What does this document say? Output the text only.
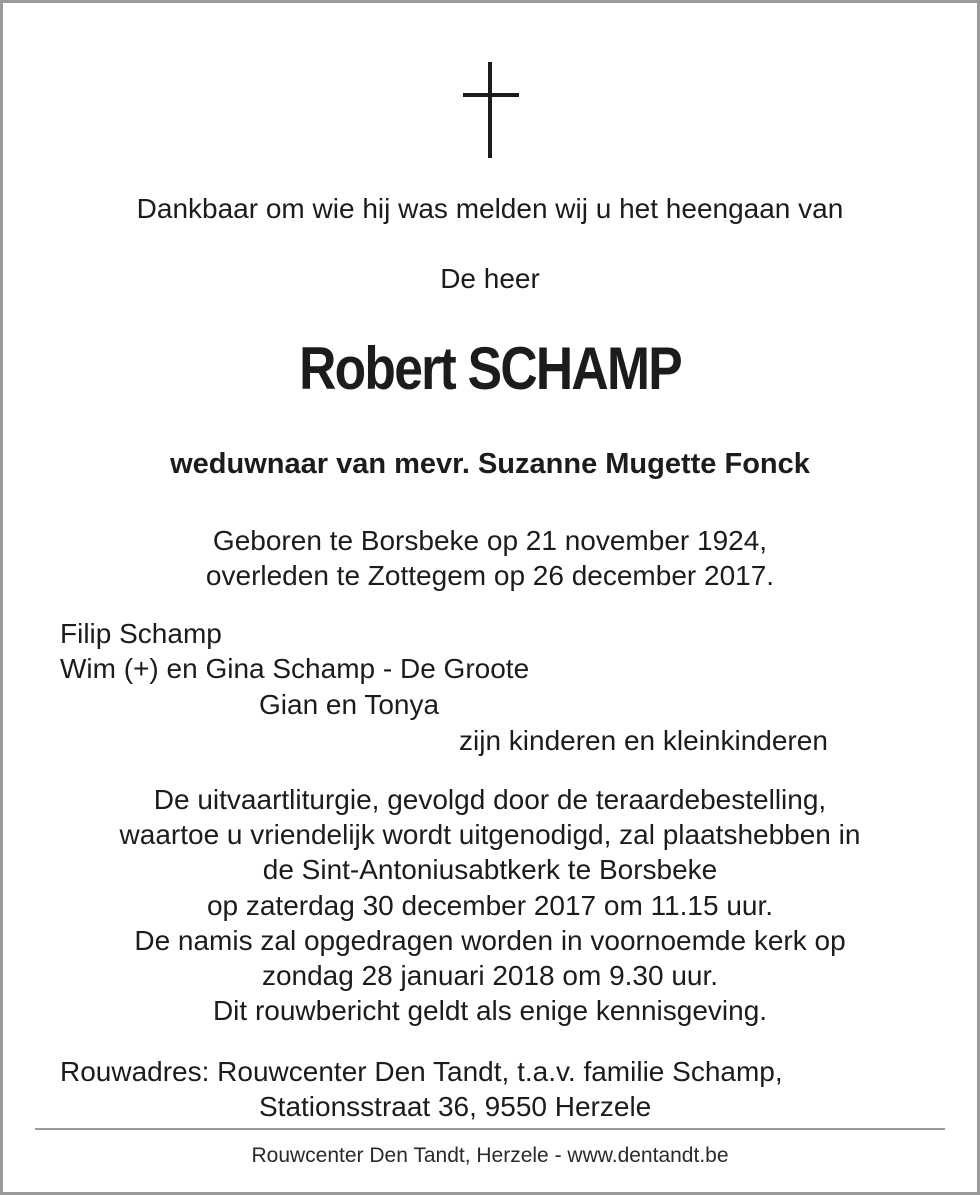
Dankbaar om wie hij was melden wij u het heengaan van
De heer
Robert SCHAMP
weduwnaar van mevr. Suzanne Mugette Fonck
Geboren te Borsbeke op 21 november 1924,
overleden te Zottegem op 26 december 2017.
Filip Schamp
Wim (+) en Gina Schamp - De Groote
Gian en Tonya
zijn kinderen en kleinkinderen
De uitvaartliturgie, gevolgd door de teraardebestelling,
waartoe u vriendelijk wordt uitgenodigd, zal plaatshebben in
de Sint-Antoniusabtkerk te Borsbeke
op zaterdag 30 december 2017 om 11.15 uur.
De namis zal opgedragen worden in voornoemde kerk op
zondag 28 januari 2018 om 9.30 uur.
Dit rouwbericht geldt als enige kennisgeving.
Rouwadres: Rouwcenter Den Tandt, t.a.v. familie Schamp,
Stationsstraat 36, 9550 Herzele
Rouwcenter Den Tandt, Herzele - www.dentandt.be
